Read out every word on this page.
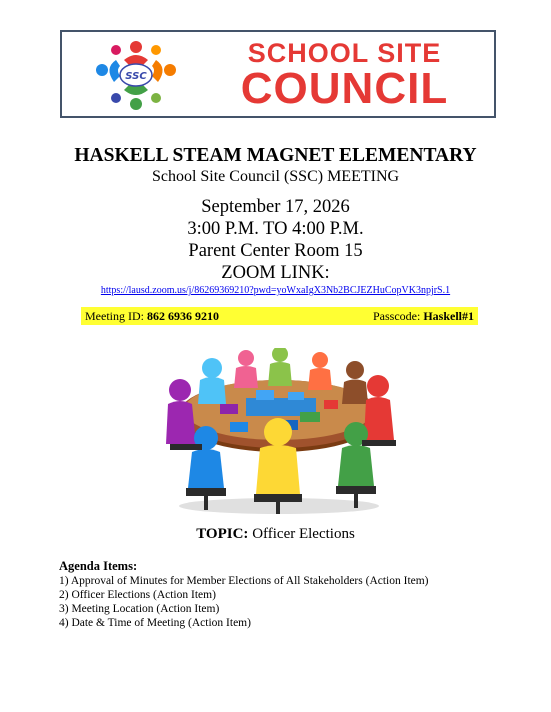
SSC
SCHOOL SITE
COUNCIL
HASKELL STEAM MAGNET ELEMENTARY
School Site Council (SSC) MEETING
September 17, 2026
3:00 P.M. TO 4:00 P.M.
Parent Center Room 15
ZOOM LINK:
https://lausd.zoom.us/j/86269369210?pwd=yoWxaIgX3Nb2BCJEZHuCopVK3npjrS.1
Meeting ID: 862 6936 9210	Passcode: Haskell#1
TOPIC: Officer Elections
Agenda Items:
1) Approval of Minutes for Member Elections of All Stakeholders (Action Item)
2) Officer Elections (Action Item)
3) Meeting Location (Action Item)
4) Date & Time of Meeting (Action Item)
